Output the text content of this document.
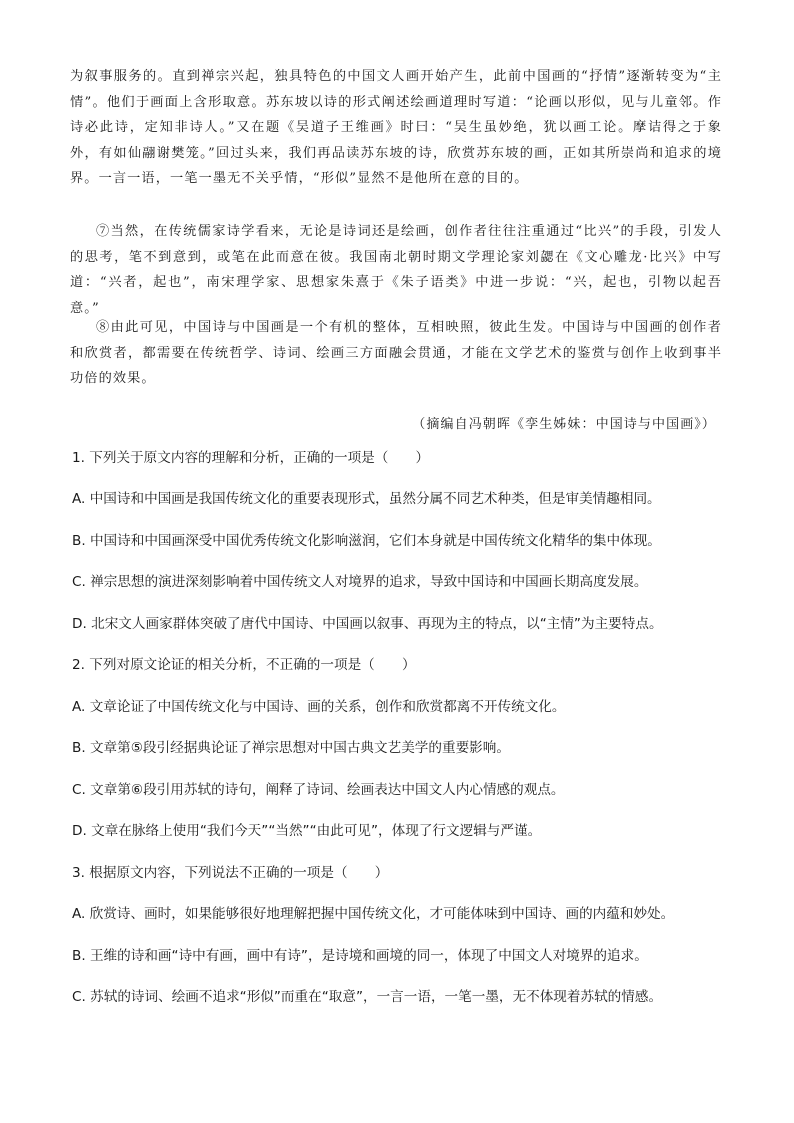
为叙事服务的。直到禅宗兴起，独具特色的中国文人画开始产生，此前中国画的“抒情”逐渐转变为“主情”。他们于画面上含形取意。苏东坡以诗的形式阐述绘画道理时写道：“论画以形似，见与儿童邻。作诗必此诗，定知非诗人。”又在题《吴道子王维画》时曰：“吴生虽妙绝，犹以画工论。摩诘得之于象外，有如仙翮谢樊笼。”回过头来，我们再品读苏东坡的诗，欣赏苏东坡的画，正如其所崇尚和追求的境界。一言一语，一笔一墨无不关乎情，“形似”显然不是他所在意的目的。

⑦当然，在传统儒家诗学看来，无论是诗词还是绘画，创作者往往注重通过“比兴”的手段，引发人的思考，笔不到意到，或笔在此而意在彼。我国南北朝时期文学理论家刘勰在《文心雕龙·比兴》中写道：“兴者，起也”，南宋理学家、思想家朱熹于《朱子语类》中进一步说：“兴，起也，引物以起吾意。”

⑧由此可见，中国诗与中国画是一个有机的整体，互相映照，彼此生发。中国诗与中国画的创作者和欣赏者，都需要在传统哲学、诗词、绘画三方面融会贯通，才能在文学艺术的鉴赏与创作上收到事半功倍的效果。

（摘编自冯朝晖《孪生姊妹：中国诗与中国画》）

1. 下列关于原文内容的理解和分析，正确的一项是（　　）

A. 中国诗和中国画是我国传统文化的重要表现形式，虽然分属不同艺术种类，但是审美情趣相同。

B. 中国诗和中国画深受中国优秀传统文化影响滋润，它们本身就是中国传统文化精华的集中体现。

C. 禅宗思想的演进深刻影响着中国传统文人对境界的追求，导致中国诗和中国画长期高度发展。

D. 北宋文人画家群体突破了唐代中国诗、中国画以叙事、再现为主的特点，以“主情”为主要特点。

2. 下列对原文论证的相关分析，不正确的一项是（　　）

A. 文章论证了中国传统文化与中国诗、画的关系，创作和欣赏都离不开传统文化。

B. 文章第⑤段引经据典论证了禅宗思想对中国古典文艺美学的重要影响。

C. 文章第⑥段引用苏轼的诗句，阐释了诗词、绘画表达中国文人内心情感的观点。

D. 文章在脉络上使用“我们今天”“当然”“由此可见”，体现了行文逻辑与严谨。

3. 根据原文内容，下列说法不正确的一项是（　　）

A. 欣赏诗、画时，如果能够很好地理解把握中国传统文化，才可能体味到中国诗、画的内蕴和妙处。

B. 王维的诗和画“诗中有画，画中有诗”，是诗境和画境的同一，体现了中国文人对境界的追求。

C. 苏轼的诗词、绘画不追求“形似”而重在“取意”，一言一语，一笔一墨，无不体现着苏轼的情感。
